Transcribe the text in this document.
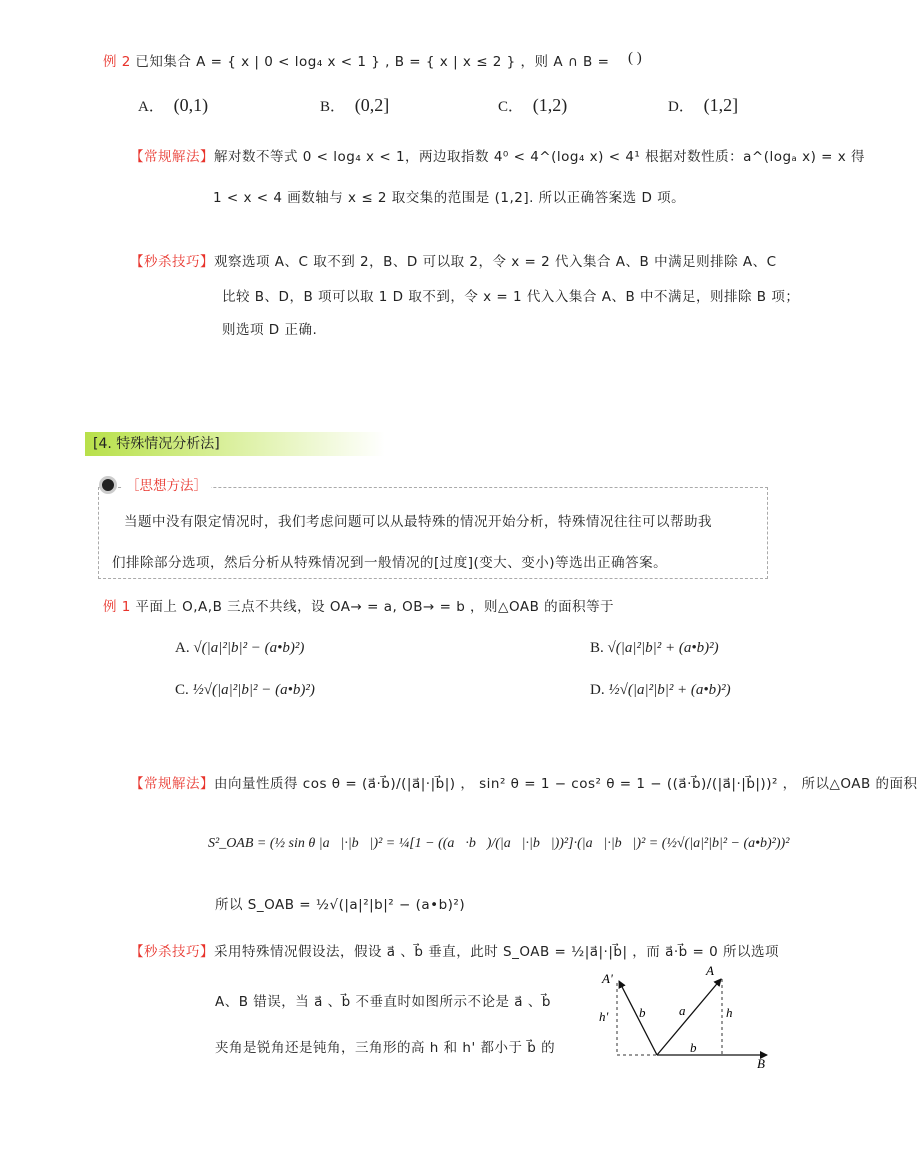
例 2 已知集合 A = { x | 0 < log₄ x < 1 } , B = { x | x ≤ 2 } ，则 A ∩ B = ( )
A． (0,1)	B． (0,2]	C． (1,2)	D． (1,2]
【常规解法】解对数不等式 0 < log₄ x < 1，两边取指数 4⁰ < 4^(log₄ x) < 4¹ 根据对数性质：a^(logₐ x) = x 得
1 < x < 4 画数轴与 x ≤ 2 取交集的范围是 (1,2]. 所以正确答案选 D 项。
【秒杀技巧】观察选项 A、C 取不到 2，B、D 可以取 2，令 x = 2 代入集合 A、B 中满足则排除 A、C
比较 B、D，B 项可以取 1 D 取不到，令 x = 1 代入入集合 A、B 中不满足，则排除 B 项；
则选项 D 正确.
[4. 特殊情况分析法]
当题中没有限定情况时，我们考虑问题可以从最特殊的情况开始分析，特殊情况往往可以帮助我
们排除部分选项，然后分析从特殊情况到一般情况的[过度](变大、变小)等选出正确答案。
［思想方法］
例 1 平面上 O,A,B 三点不共线，设 OA→ = a, OB→ = b ，则△OAB 的面积等于
A. √(|a|²|b|² − (a•b)²)	B. √(|a|²|b|² + (a•b)²)
C. ½√(|a|²|b|² − (a•b)²)	D. ½√(|a|²|b|² + (a•b)²)
【常规解法】由向量性质得 cos θ = (a⃗·b⃗)/(|a⃗|·|b⃗|) ， sin² θ = 1 − cos² θ = 1 − ((a⃗·b⃗)/(|a⃗|·|b⃗|))² ， 所以△OAB 的面积
S²_OAB = (½ sin θ |a⃗|·|b⃗|)² = ¼[1 − ((a⃗·b⃗)/(|a⃗|·|b⃗|))²]·(|a⃗|·|b⃗|)² = (½√(|a|²|b|² − (a•b)²))²
所以 S_OAB = ½√(|a|²|b|² − (a•b)²)
【秒杀技巧】采用特殊情况假设法，假设 a⃗ 、b⃗ 垂直，此时 S_OAB = ½|a⃗|·|b⃗| ，而 a⃗·b⃗ = 0 所以选项
A、B 错误，当 a⃗ 、b⃗ 不垂直时如图所示不论是 a⃗ 、b⃗
夹角是锐角还是钝角，三角形的高 h 和 h' 都小于 b⃗ 的
A'
A
B
b⃗ a⃗
h'	h
b⃗
